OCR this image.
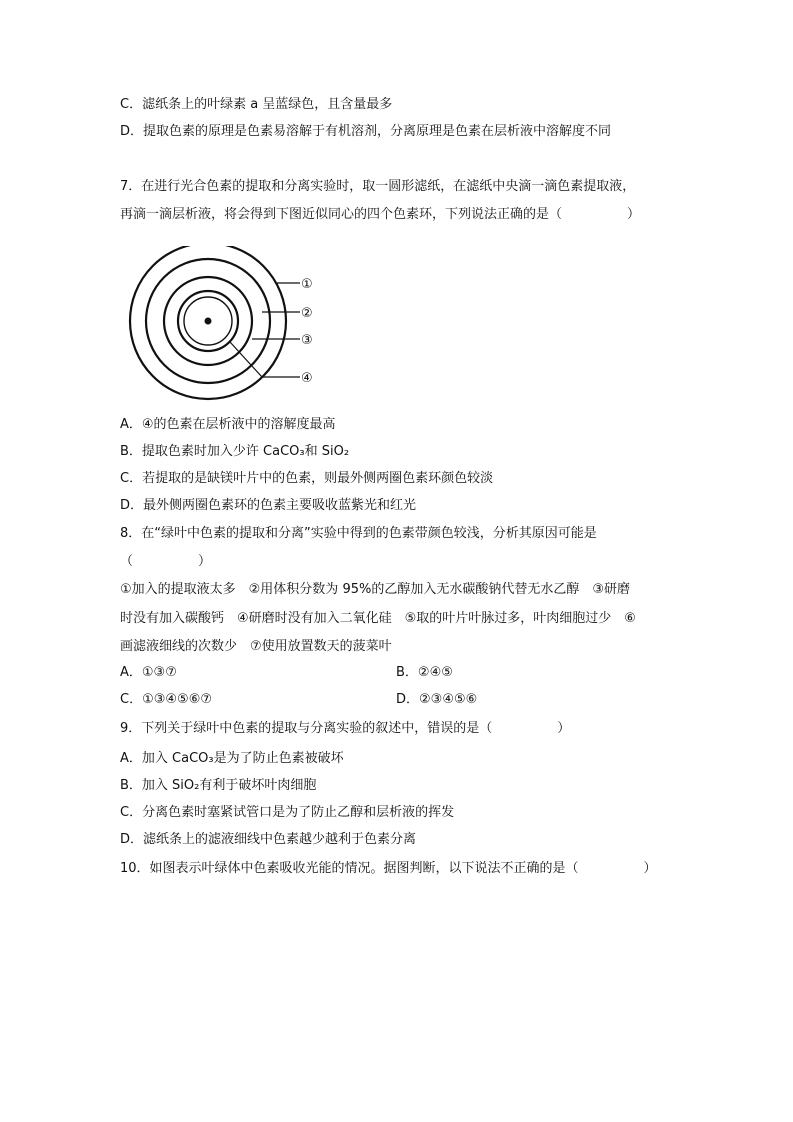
C．滤纸条上的叶绿素 a 呈蓝绿色，且含量最多
D．提取色素的原理是色素易溶解于有机溶剂，分离原理是色素在层析液中溶解度不同
7．在进行光合色素的提取和分离实验时，取一圆形滤纸，在滤纸中央滴一滴色素提取液，
再滴一滴层析液，将会得到下图近似同心的四个色素环，下列说法正确的是（　　　　　）
①
②
③
④
A．④的色素在层析液中的溶解度最高
B．提取色素时加入少许 CaCO₃和 SiO₂
C．若提取的是缺镁叶片中的色素，则最外侧两圈色素环颜色较淡
D．最外侧两圈色素环的色素主要吸收蓝紫光和红光
8．在“绿叶中色素的提取和分离”实验中得到的色素带颜色较浅，分析其原因可能是
（　　　　　）
①加入的提取液太多　②用体积分数为 95%的乙醇加入无水碳酸钠代替无水乙醇　③研磨
时没有加入碳酸钙　④研磨时没有加入二氧化硅　⑤取的叶片叶脉过多，叶肉细胞过少　⑥
画滤液细线的次数少　⑦使用放置数天的菠菜叶
A．①③⑦	B．②④⑤
C．①③④⑤⑥⑦	D．②③④⑤⑥
9．下列关于绿叶中色素的提取与分离实验的叙述中，错误的是（　　　　　）
A．加入 CaCO₃是为了防止色素被破坏
B．加入 SiO₂有利于破坏叶肉细胞
C．分离色素时塞紧试管口是为了防止乙醇和层析液的挥发
D．滤纸条上的滤液细线中色素越少越利于色素分离
10．如图表示叶绿体中色素吸收光能的情况。据图判断，以下说法不正确的是（　　　　　）
